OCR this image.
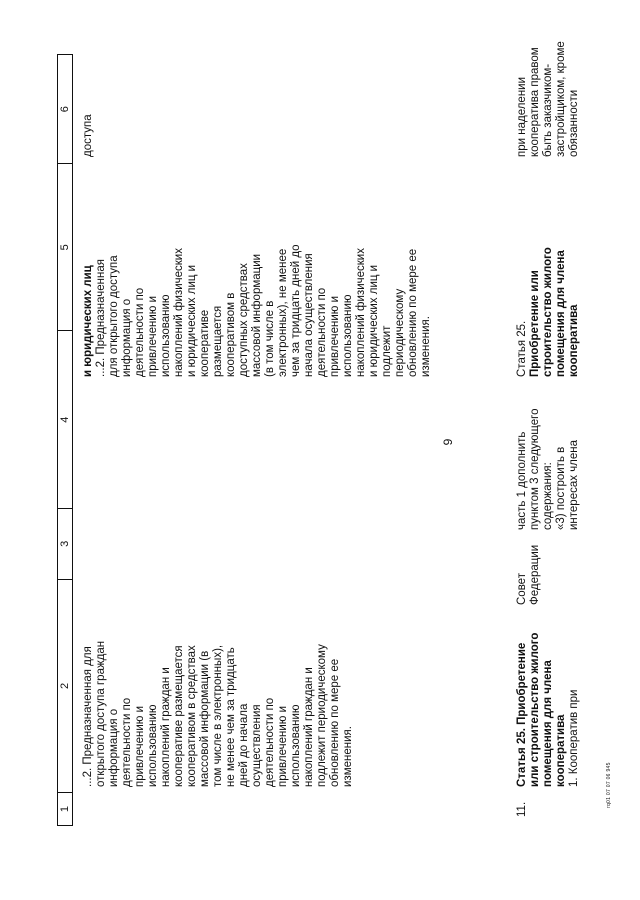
9
1
2
3
4
5
6
...2. Предназначенная для
открытого доступа граждан
информация о
деятельности по
привлечению и
использованию
накоплений граждан и
кооперативе размещается
кооперативом в средствах
массовой информации (в
том числе в электронных),
не менее чем за тридцать
дней до начала
осуществления
деятельности по
привлечению и
использованию
накоплений граждан и
подлежит периодическому
обновлению по мере ее
изменения.
и юридических лиц ...2. Предназначенная
для открытого доступа
информация о
деятельности по
привлечению и
использованию
накоплений физических
и юридических лиц и
кооперативе
размещается
кооперативом в
доступных средствах
массовой информации
(в том числе в
электронных), не менее
чем за тридцать дней до
начала осуществления
деятельности по
привлечению и
использованию
накоплений физических
и юридических лиц и
подлежит
периодическому
обновлению по мере ее
изменения.
доступа
11.
Статья 25. Приобретение
или строительство жилого
помещения для члена
кооператива 1. Кооператив при
Совет
Федерации
часть 1 дополнить
пунктом 3 следующего
содержания:
«3) построить в
интересах члена
Статья 25. Приобретение или
строительство жилого
помещения для члена
кооператива
при наделении
кооператива правом
быть заказчиком-
застройщиком, кроме
обязанности
rq01 07 07 06 945
